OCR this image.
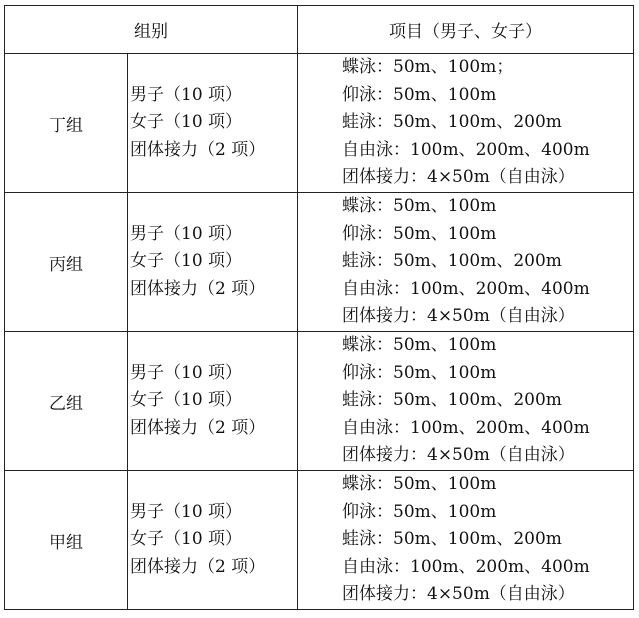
组别		项目（男子、女子）
丁组	男子（10 项）
女子（10 项）
团体接力（2 项）	蝶泳：50m、100m；
仰泳：50m、100m
蛙泳：50m、100m、200m
自由泳：100m、200m、400m
团体接力：4×50m（自由泳）

丙组	男子（10 项）
女子（10 项）
团体接力（2 项）	蝶泳：50m、100m
仰泳：50m、100m
蛙泳：50m、100m、200m
自由泳：100m、200m、400m
团体接力：4×50m（自由泳）

乙组	男子（10 项）
女子（10 项）
团体接力（2 项）	蝶泳：50m、100m
仰泳：50m、100m
蛙泳：50m、100m、200m
自由泳：100m、200m、400m
团体接力：4×50m（自由泳）

甲组	男子（10 项）
女子（10 项）
团体接力（2 项）	蝶泳：50m、100m
仰泳：50m、100m
蛙泳：50m、100m、200m
自由泳：100m、200m、400m
团体接力：4×50m（自由泳）
